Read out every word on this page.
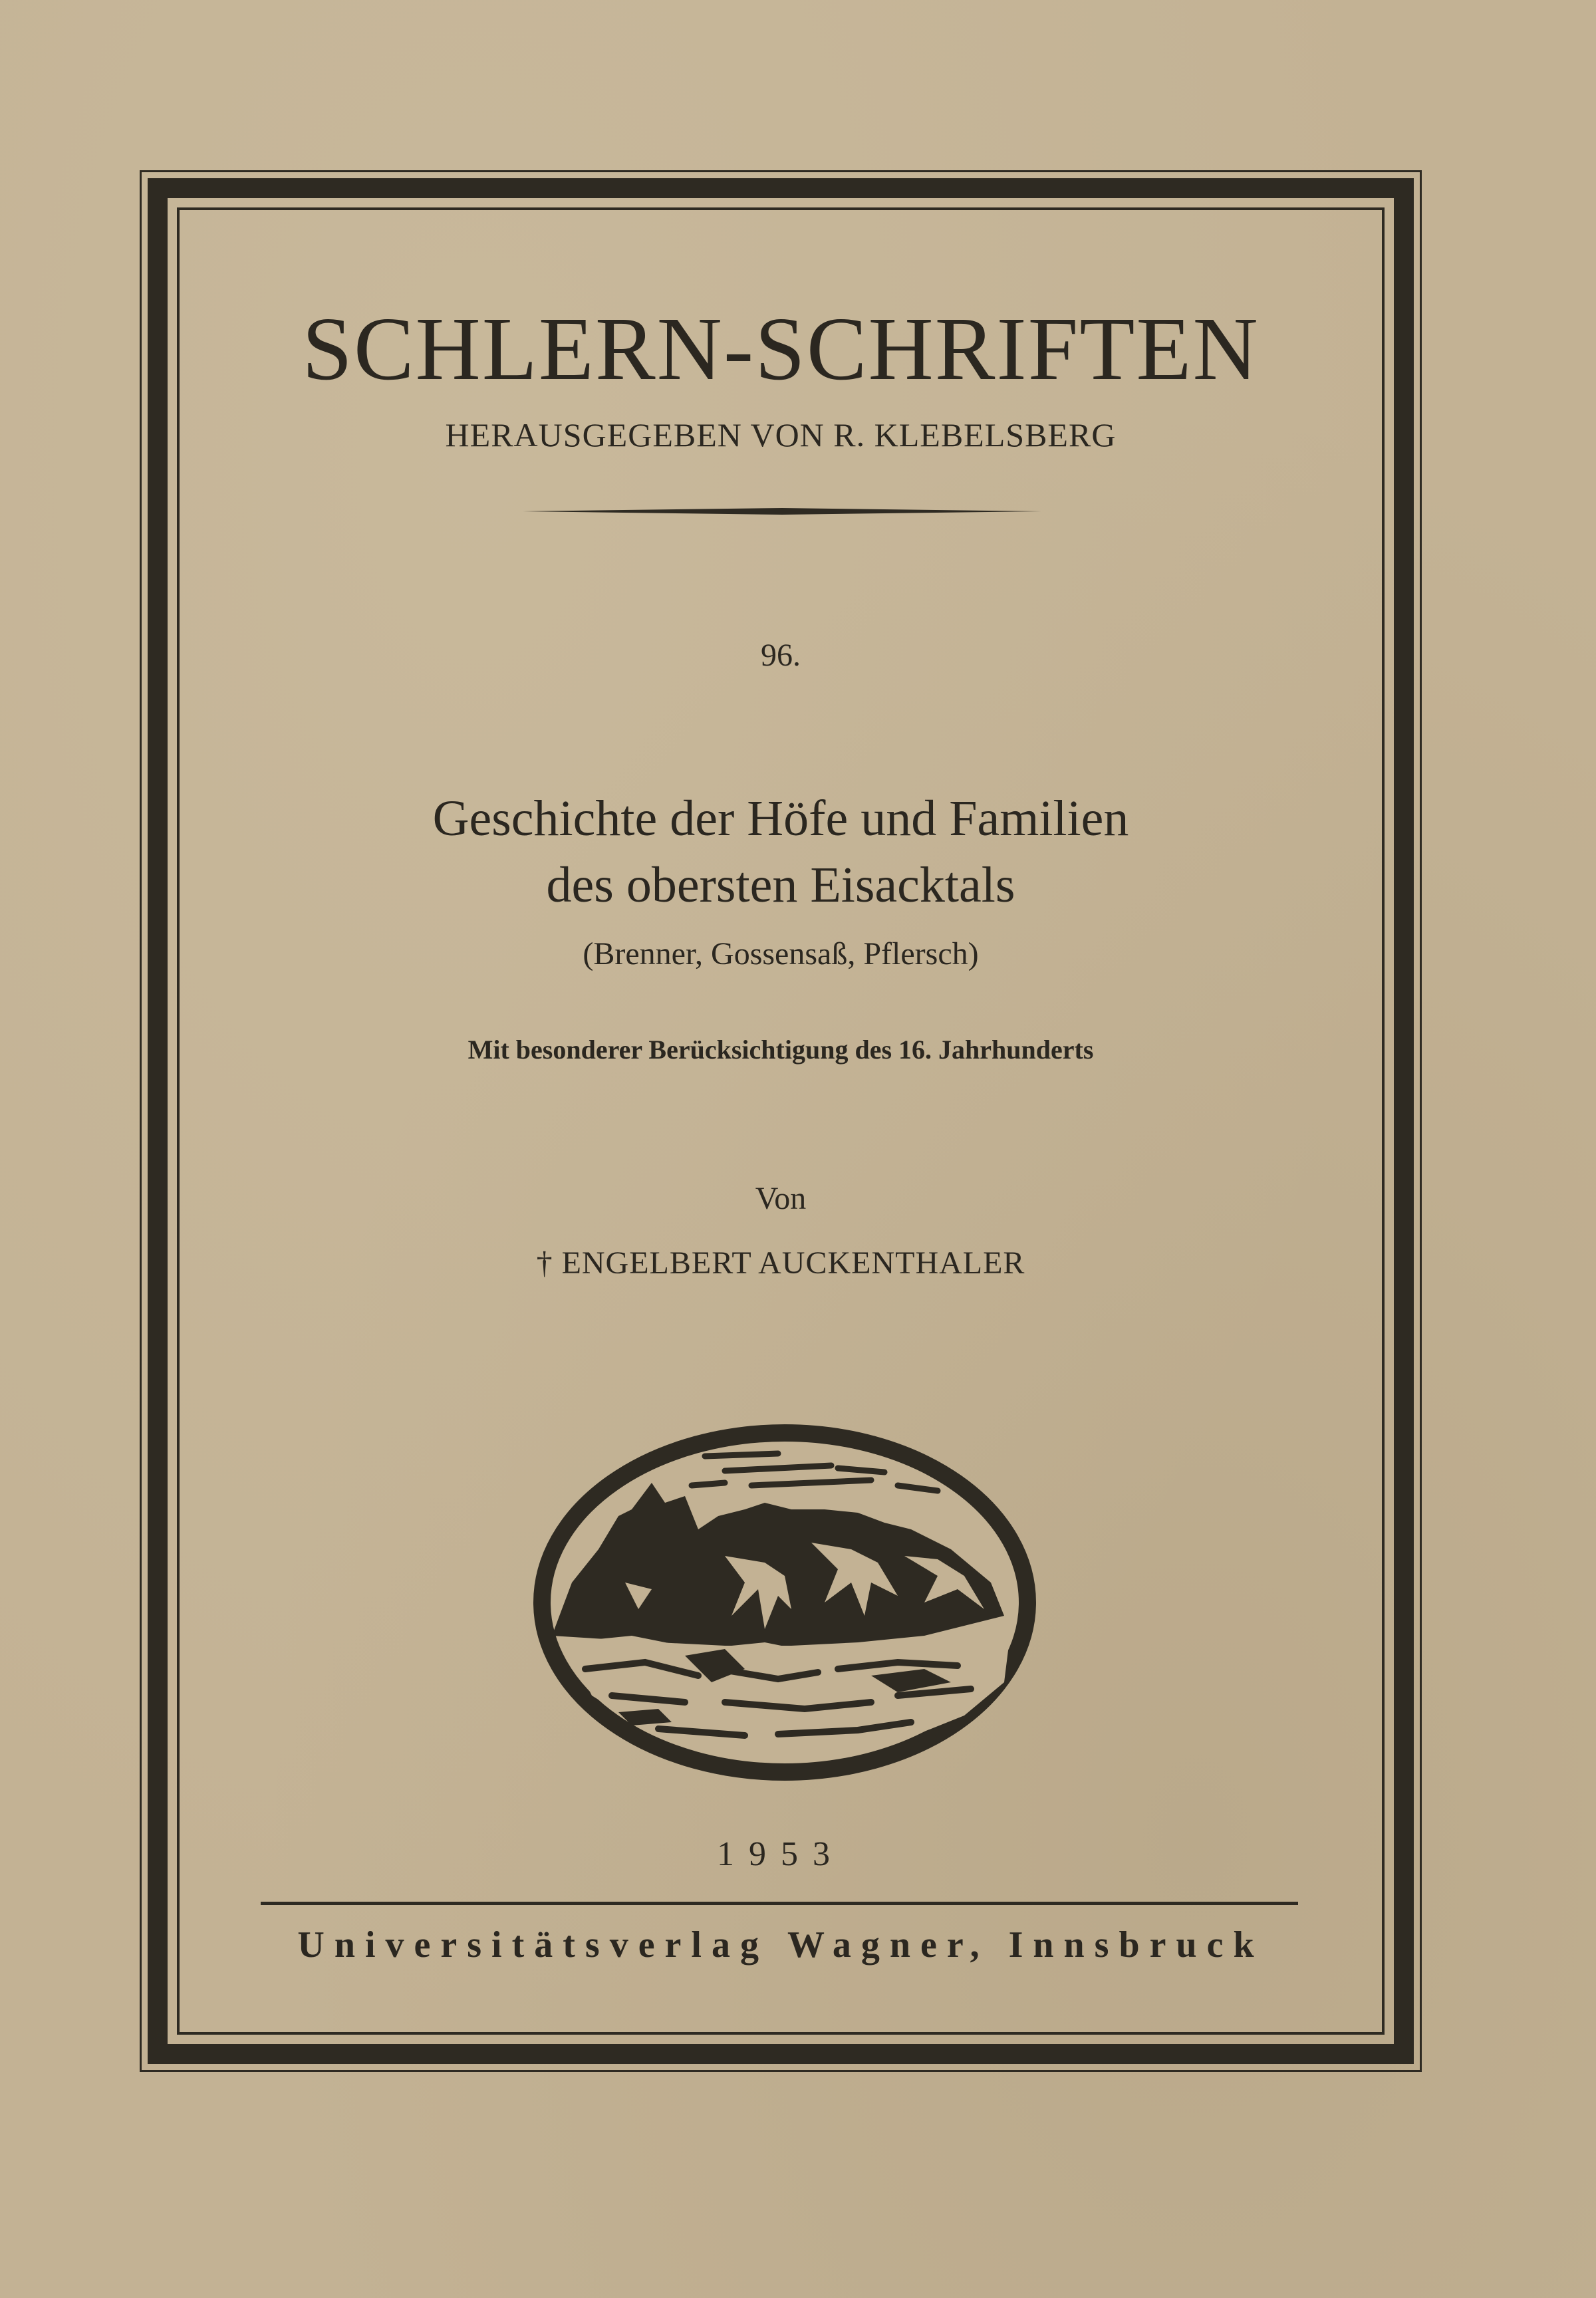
SCHLERN-SCHRIFTEN
HERAUSGEGEBEN VON R. KLEBELSBERG
96.
Geschichte der Höfe und Familien
des obersten Eisacktals
(Brenner, Gossensaß, Pflersch)
Mit besonderer Berücksichtigung des 16. Jahrhunderts
Von
† ENGELBERT AUCKENTHALER
1953
Universitätsverlag Wagner, Innsbruck
